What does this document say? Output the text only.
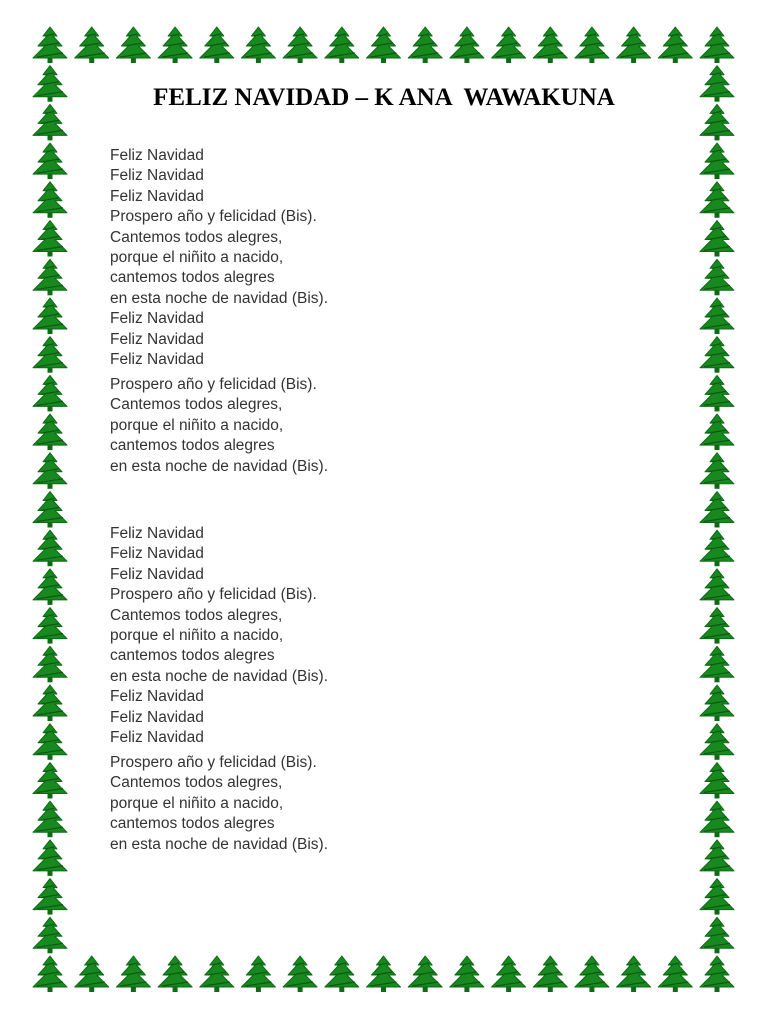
FELIZ NAVIDAD – K ANA  WAWAKUNA
Feliz Navidad
Feliz Navidad
Feliz Navidad
Prospero año y felicidad (Bis).
Cantemos todos alegres,
porque el niñito a nacido,
cantemos todos alegres
en esta noche de navidad (Bis).
Feliz Navidad
Feliz Navidad
Feliz Navidad
Prospero año y felicidad (Bis).
Cantemos todos alegres,
porque el niñito a nacido,
cantemos todos alegres
en esta noche de navidad (Bis).
Feliz Navidad
Feliz Navidad
Feliz Navidad
Prospero año y felicidad (Bis).
Cantemos todos alegres,
porque el niñito a nacido,
cantemos todos alegres
en esta noche de navidad (Bis).
Feliz Navidad
Feliz Navidad
Feliz Navidad
Prospero año y felicidad (Bis).
Cantemos todos alegres,
porque el niñito a nacido,
cantemos todos alegres
en esta noche de navidad (Bis).
